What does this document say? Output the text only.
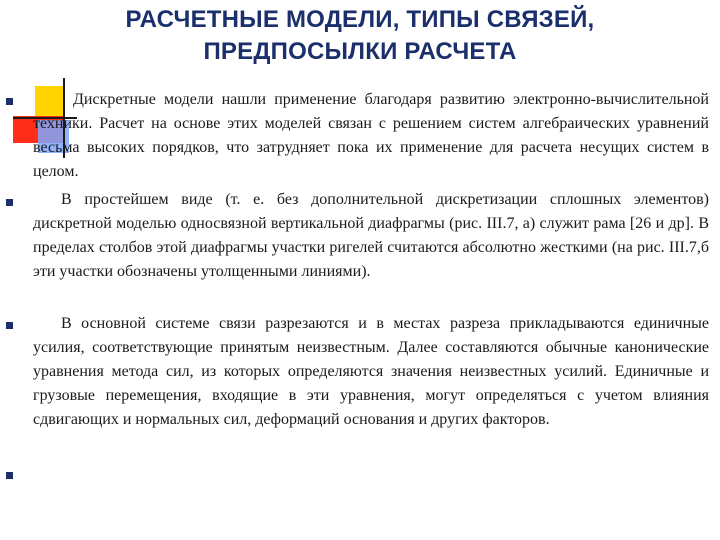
РАСЧЕТНЫЕ МОДЕЛИ, ТИПЫ СВЯЗЕЙ,
ПРЕДПОСЫЛКИ РАСЧЕТА

Дискретные модели нашли применение благодаря развитию электронно-вычислительной техники. Расчет на основе этих моделей связан с решением систем алгебраических уравнений весьма высоких порядков, что затрудняет пока их применение для расчета несущих систем в целом.

В простейшем виде (т. е. без дополнительной дискретизации сплошных элементов) дискретной моделью односвязной вертикальной диафрагмы (рис. III.7, а) служит рама [26 и др]. В пределах столбов этой диафрагмы участки ригелей считаются абсолютно жесткими (на рис. III.7,б эти участки обозначены утолщенными линиями).

В основной системе связи разрезаются и в местах разреза прикладываются единичные усилия, соответствующие принятым неизвестным. Далее составляются обычные канонические уравнения метода сил, из которых определяются значения неизвестных усилий. Единичные и грузовые перемещения, входящие в эти уравнения, могут определяться с учетом влияния сдвигающих и нормальных сил, деформаций основания и других факторов.
